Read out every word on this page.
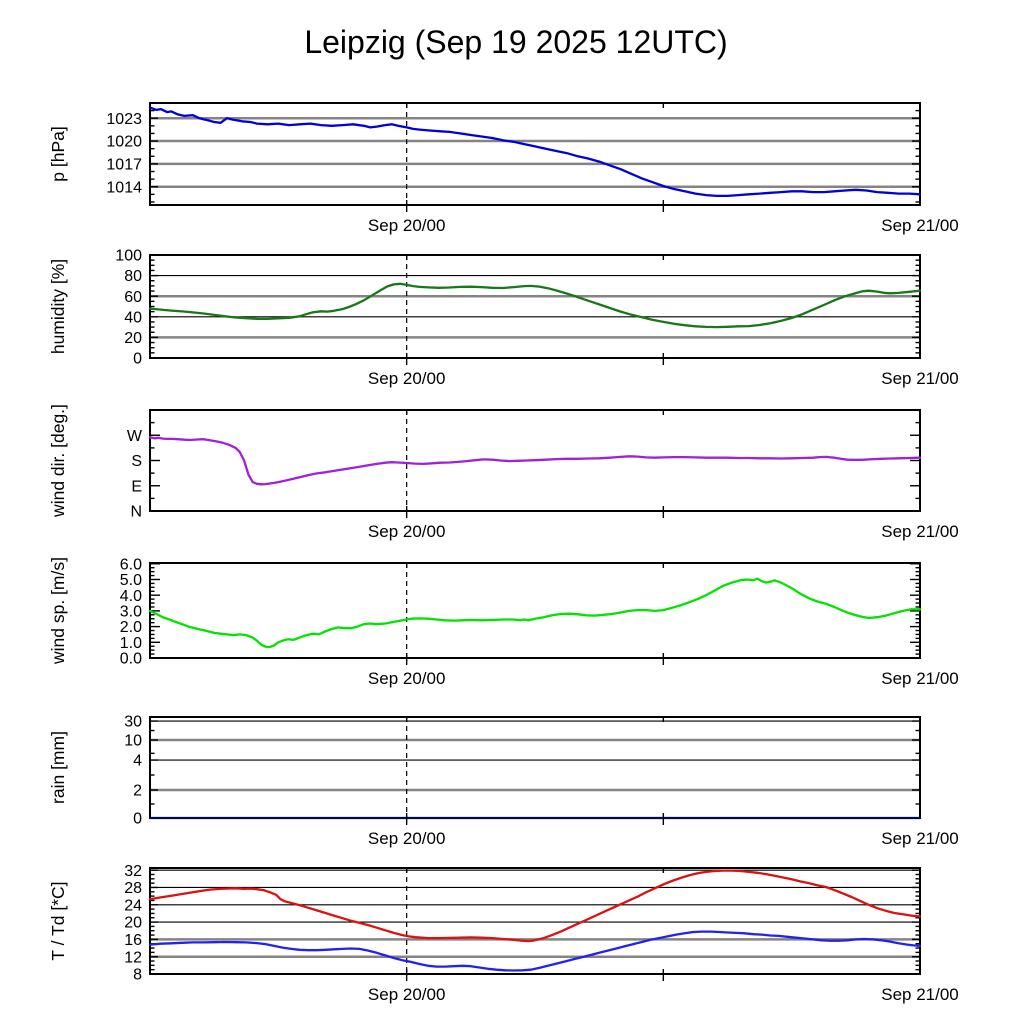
Leipzig (Sep 19 2025 12UTC)
1014
1017
1020
1023
p [hPa]
Sep 20/00	Sep 21/00
0
20
40
60
80
100
humidity [%]
Sep 20/00	Sep 21/00
N
E
S
W
wind dir. [deg.]
Sep 20/00	Sep 21/00
0.0
1.0
2.0
3.0
4.0
5.0
6.0
wind sp. [m/s]
Sep 20/00	Sep 21/00
0
2
4
10
30
rain [mm]
Sep 20/00	Sep 21/00
8
12
16
20
24
28
32
T / Td [*C]
Sep 20/00	Sep 21/00
